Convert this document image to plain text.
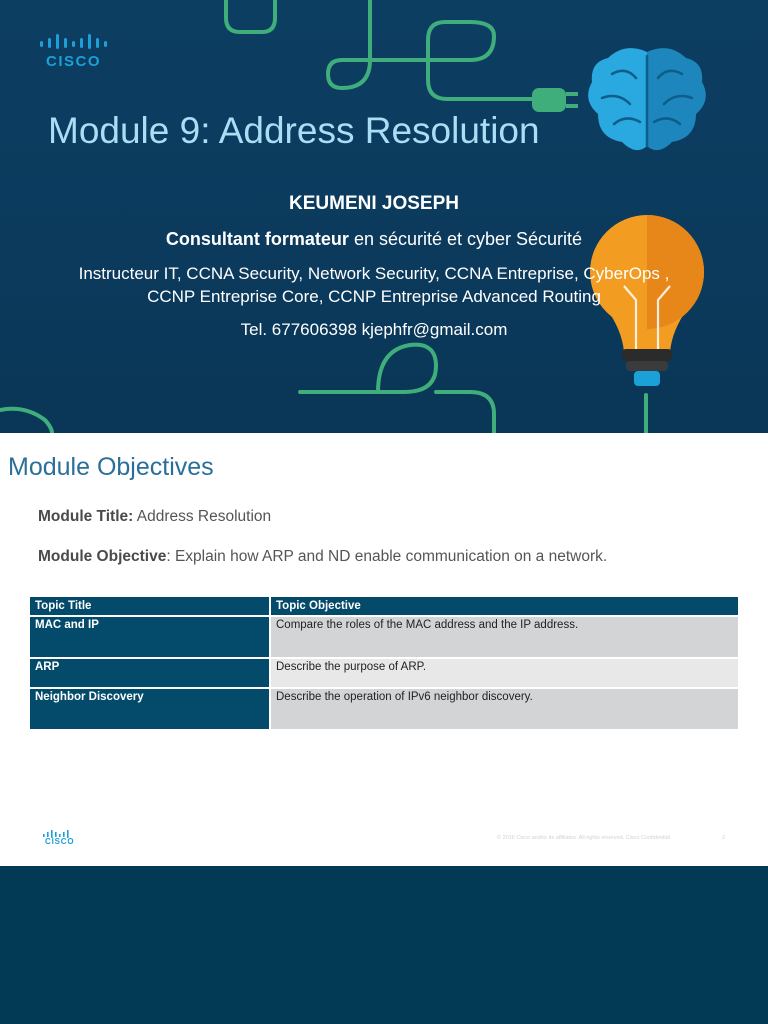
CISCO
Module 9: Address Resolution
KEUMENI JOSEPH
Consultant formateur en sécurité et cyber Sécurité
Instructeur IT, CCNA Security, Network Security, CCNA Entreprise, CyberOps ,
CCNP Entreprise Core, CCNP Entreprise Advanced Routing
Tel. 677606398 kjephfr@gmail.com
Module Objectives
Module Title: Address Resolution
Module Objective: Explain how ARP and ND enable communication on a network.
Topic Title	Topic Objective
MAC and IP	Compare the roles of the MAC address and the IP address.
ARP	Describe the purpose of ARP.
Neighbor Discovery	Describe the operation of IPv6 neighbor discovery.
CISCO	© 2016 Cisco and/or its affiliates. All rights reserved. Cisco Confidential	2
